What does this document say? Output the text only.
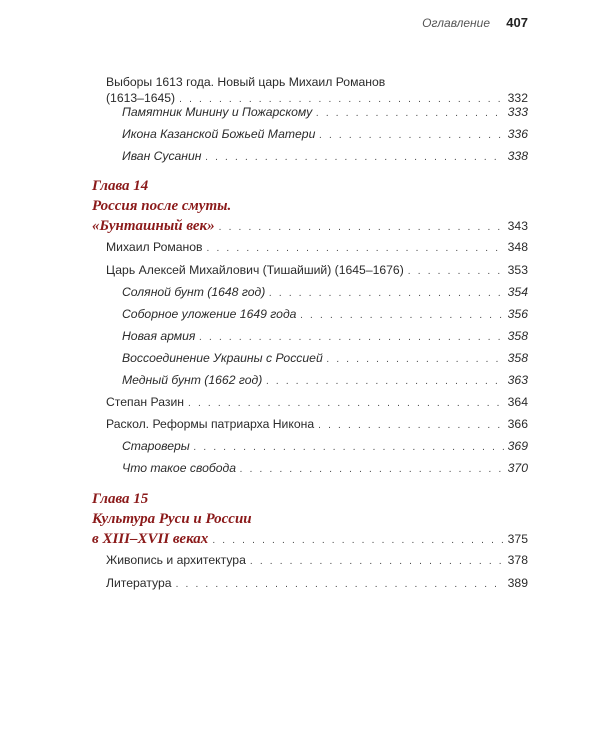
Оглавление 407
Выборы 1613 года. Новый царь Михаил Романов
(1613–1645) . . .	332
Памятник Минину и Пожарскому . . .	333
Икона Казанской Божьей Матери . . .	336
Иван Сусанин . . .	338
Глава 14
Россия после смуты.
«Бунташный век» . . .	343
Михаил Романов . . .	348
Царь Алексей Михайлович (Тишайший) (1645–1676) . . .	353
Соляной бунт (1648 год) . . .	354
Соборное уложение 1649 года . . .	356
Новая армия . . .	358
Воссоединение Украины с Россией . . .	358
Медный бунт (1662 год) . . .	363
Степан Разин . . .	364
Раскол. Реформы патриарха Никона . . .	366
Староверы . . .	369
Что такое свобода . . .	370
Глава 15
Культура Руси и России
в XIII–XVII веках . . .	375
Живопись и архитектура . . .	378
Литература . . .	389
